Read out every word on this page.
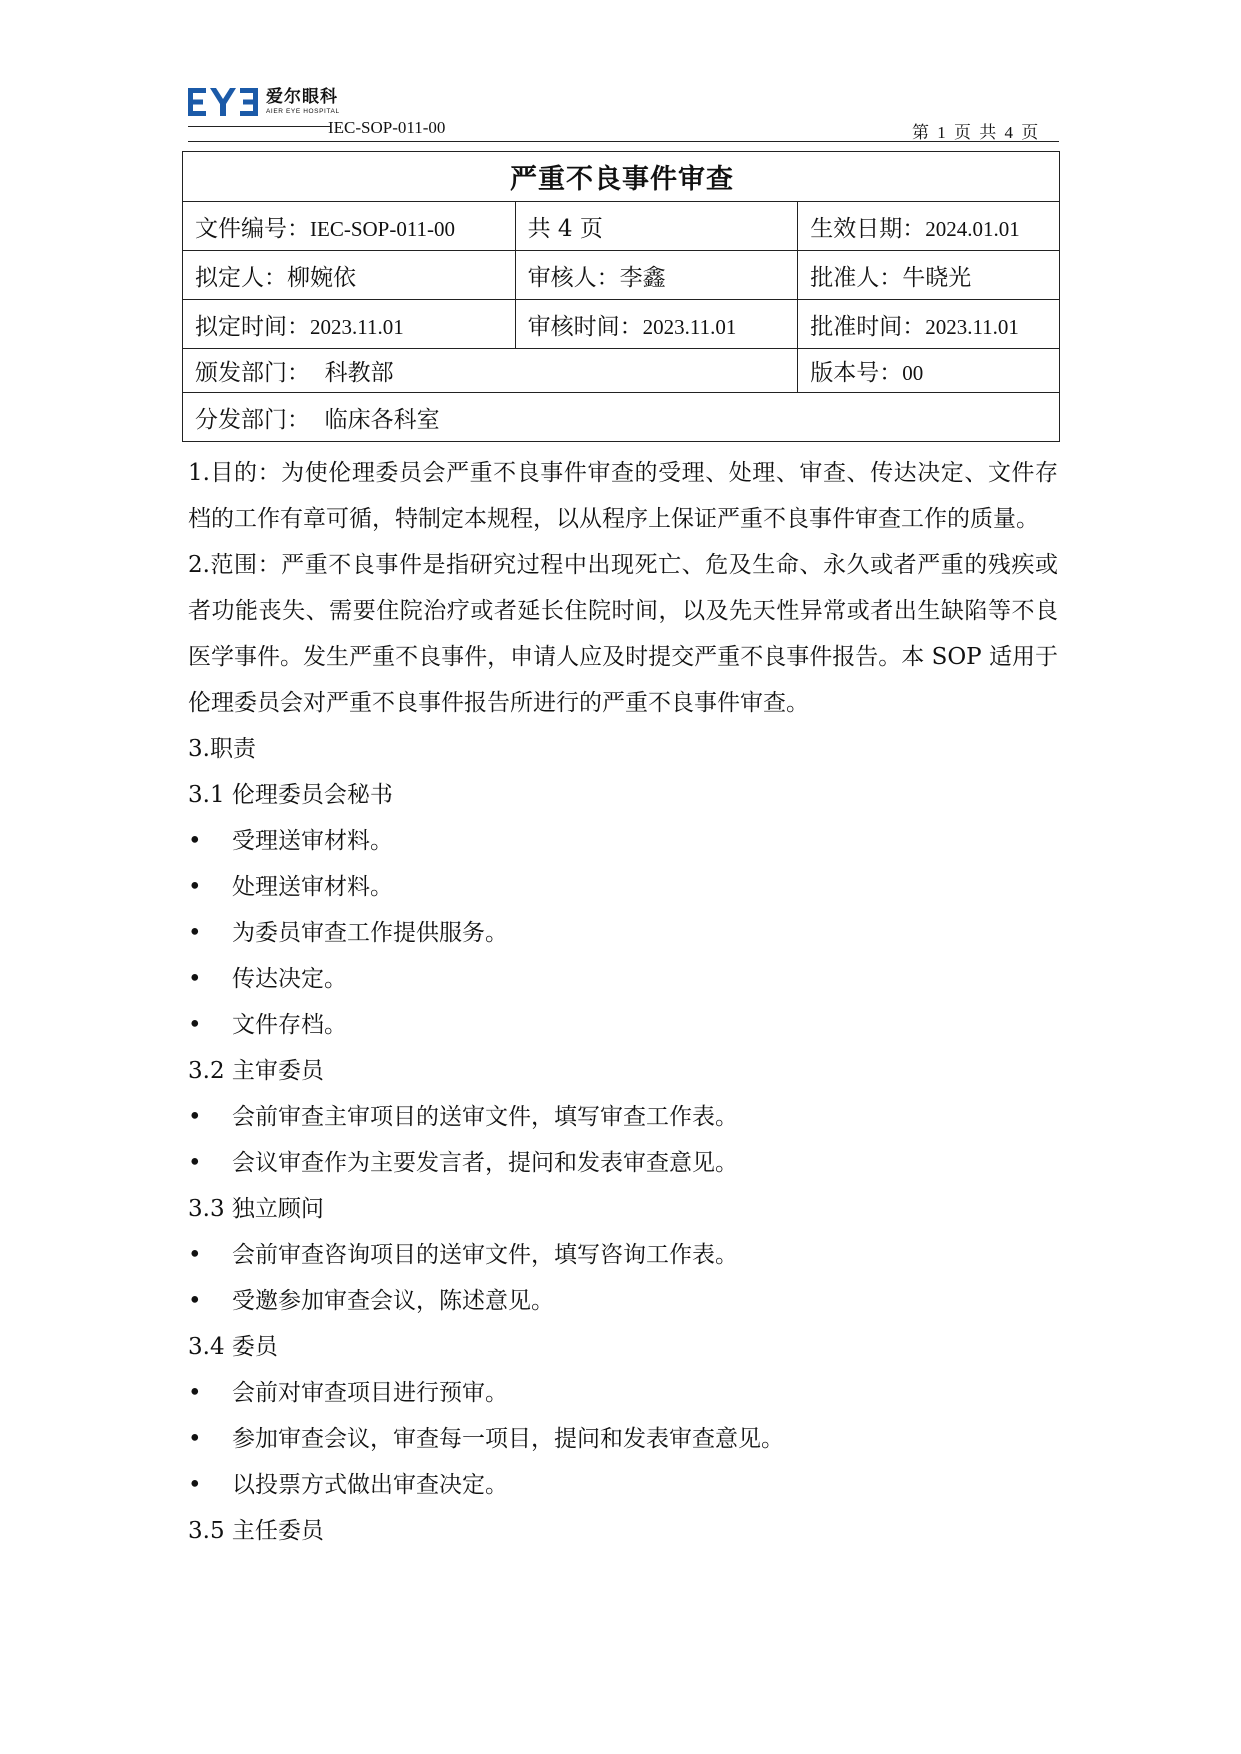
爱尔眼科
AIER EYE HOSPITAL
IEC-SOP-011-00	第 1 页 共 4 页
严重不良事件审查		
文件编号：IEC-SOP-011-00	共 4 页	生效日期：2024.01.01
拟定人：柳婉依	审核人：李鑫	批准人：牛晓光
拟定时间：2023.11.01	审核时间：2023.11.01	批准时间：2023.11.01
颁发部门： 科教部		版本号：00
分发部门： 临床各科室		

1.目的：为使伦理委员会严重不良事件审查的受理、处理、审查、传达决定、文件存档的工作有章可循，特制定本规程，以从程序上保证严重不良事件审查工作的质量。

2.范围：严重不良事件是指研究过程中出现死亡、危及生命、永久或者严重的残疾或者功能丧失、需要住院治疗或者延长住院时间，以及先天性异常或者出生缺陷等不良医学事件。发生严重不良事件，申请人应及时提交严重不良事件报告。本 SOP 适用于伦理委员会对严重不良事件报告所进行的严重不良事件审查。

3.职责

3.1 伦理委员会秘书

•	受理送审材料。
•	处理送审材料。
•	为委员审查工作提供服务。
•	传达决定。
•	文件存档。

3.2 主审委员

•	会前审查主审项目的送审文件，填写审查工作表。
•	会议审查作为主要发言者，提问和发表审查意见。

3.3 独立顾问

•	会前审查咨询项目的送审文件，填写咨询工作表。
•	受邀参加审查会议，陈述意见。

3.4 委员

•	会前对审查项目进行预审。
•	参加审查会议，审查每一项目，提问和发表审查意见。
•	以投票方式做出审查决定。

3.5 主任委员
